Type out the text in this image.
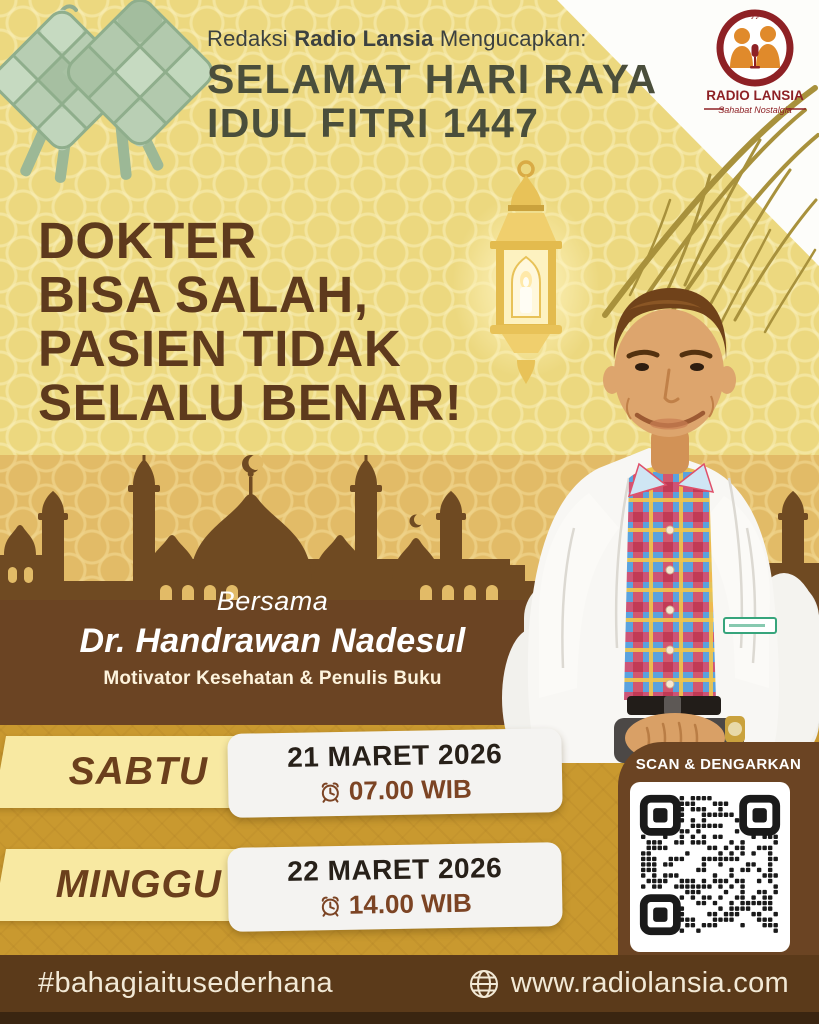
♪♪
RADIO LANSIA
Sahabat Nostalgia
Redaksi Radio Lansia Mengucapkan:
SELAMAT HARI RAYA
IDUL FITRI 1447
DOKTER
BISA SALAH,
PASIEN TIDAK
SELALU BENAR!
Bersama
Dr. Handrawan Nadesul
Motivator Kesehatan & Penulis Buku
SABTU	21 MARET 2026
07.00 WIB
MINGGU 22 MARET 2026
14.00 WIB
SCAN & DENGARKAN
#bahagiaitusederhana	www.radiolansia.com
